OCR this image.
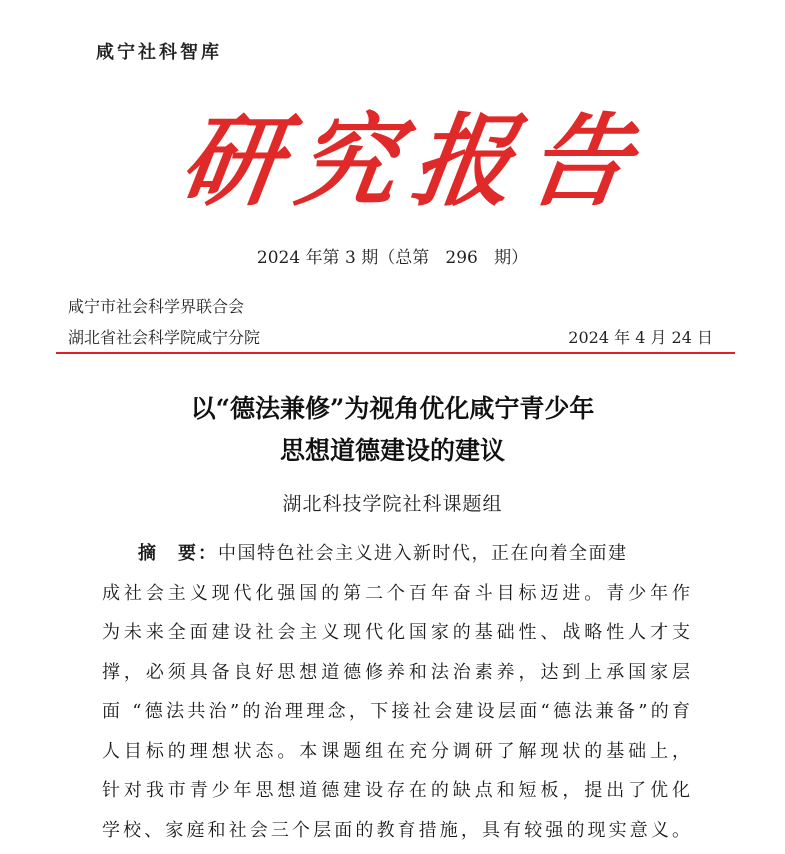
咸宁社科智库
研究报告
2024 年第 3 期（总第 296 期）
咸宁市社会科学界联合会
湖北省社会科学院咸宁分院	2024 年 4 月 24 日
以“德法兼修”为视角优化咸宁青少年
思想道德建设的建议
湖北科技学院社科课题组
摘　要：中国特色社会主义进入新时代，正在向着全面建
成社会主义现代化强国的第二个百年奋斗目标迈进。青少年作
为未来全面建设社会主义现代化国家的基础性、战略性人才支
撑，必须具备良好思想道德修养和法治素养，达到上承国家层
面 “德法共治”的治理理念，下接社会建设层面“德法兼备”的育
人目标的理想状态。本课题组在充分调研了解现状的基础上，
针对我市青少年思想道德建设存在的缺点和短板，提出了优化
学校、家庭和社会三个层面的教育措施，具有较强的现实意义。
